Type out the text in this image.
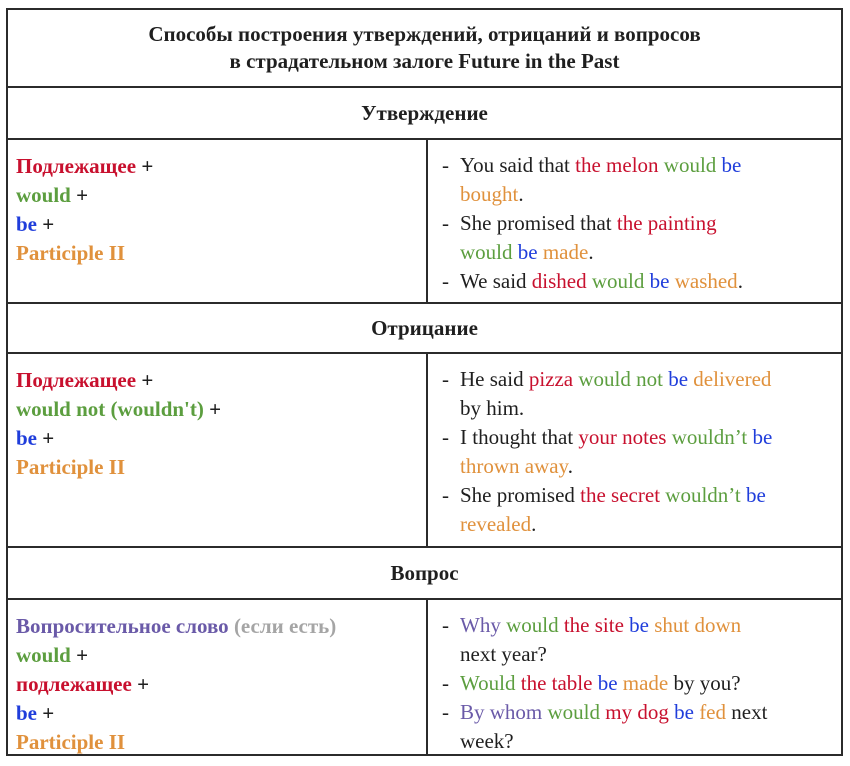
Способы построения утверждений, отрицаний и вопросов
в страдательном залоге Future in the Past
Утверждение
Подлежащее +
would +
be +
Participle II
- You said that the melon would be
bought.
- She promised that the painting
would be made.
- We said dished would be washed.
Отрицание
Подлежащее +
would not (wouldn't) +
be +
Participle II
- He said pizza would not be delivered
by him.
- I thought that your notes wouldn’t be
thrown away.
- She promised the secret wouldn’t be
revealed.
Вопрос
Вопросительное слово (если есть)
would +
подлежащее +
be +
Participle II
- Why would the site be shut down
next year?
- Would the table be made by you?
- By whom would my dog be fed next
week?
